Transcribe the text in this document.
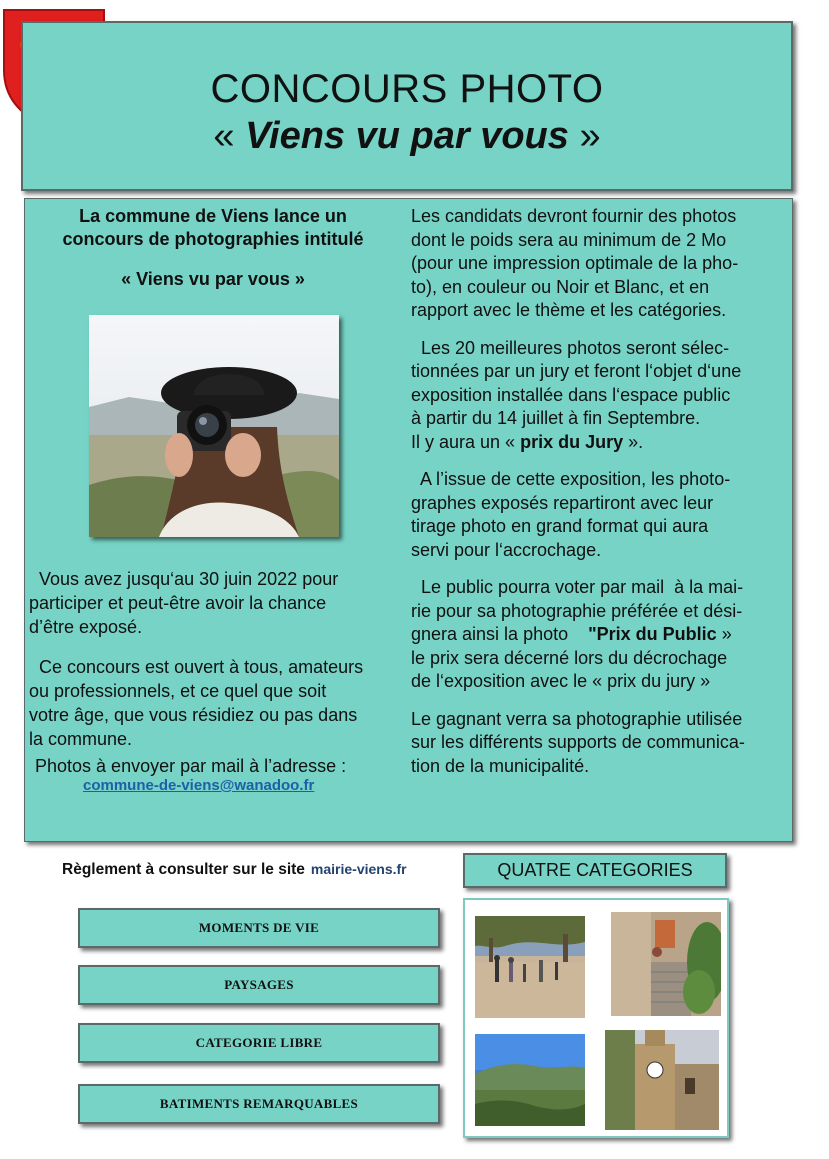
CONCOURS PHOTO
« Viens vu par vous »
La commune de Viens lance un
concours de photographies intitulé
« Viens vu par vous »

Vous avez jusqu‘au 30 juin 2022 pour

participer et peut-être avoir la chance

d’être exposé.

Ce concours est ouvert à tous, amateurs

ou professionnels, et ce quel que soit

votre âge, que vous résidiez ou pas dans

la commune.

Photos à envoyer par mail à l’adresse :
commune-de-viens@wanadoo.fr

Les candidats devront fournir des photos

dont le poids sera au minimum de 2 Mo

(pour une impression optimale de la pho-

to), en couleur ou Noir et Blanc, et en

rapport avec le thème et les catégories.

Les 20 meilleures photos seront sélec-

tionnées par un jury et feront l‘objet d‘une

exposition installée dans l‘espace public

à partir du 14 juillet à fin Septembre.

Il y aura un « prix du Jury ».

A l’issue de cette exposition, les photo-

graphes exposés repartiront avec leur

tirage photo en grand format qui aura

servi pour l‘accrochage.

Le public pourra voter par mail  à la mai-

rie pour sa photographie préférée et dési-

gnera ainsi la photo    "Prix du Public »

le prix sera décerné lors du décrochage

de l‘exposition avec le « prix du jury »

Le gagnant verra sa photographie utilisée

sur les différents supports de communica-

tion de la municipalité.

Règlement à consulter sur le site mairie-viens.fr
MOMENTS DE VIE
PAYSAGES
CATEGORIE LIBRE
BATIMENTS REMARQUABLES
QUATRE CATEGORIES
